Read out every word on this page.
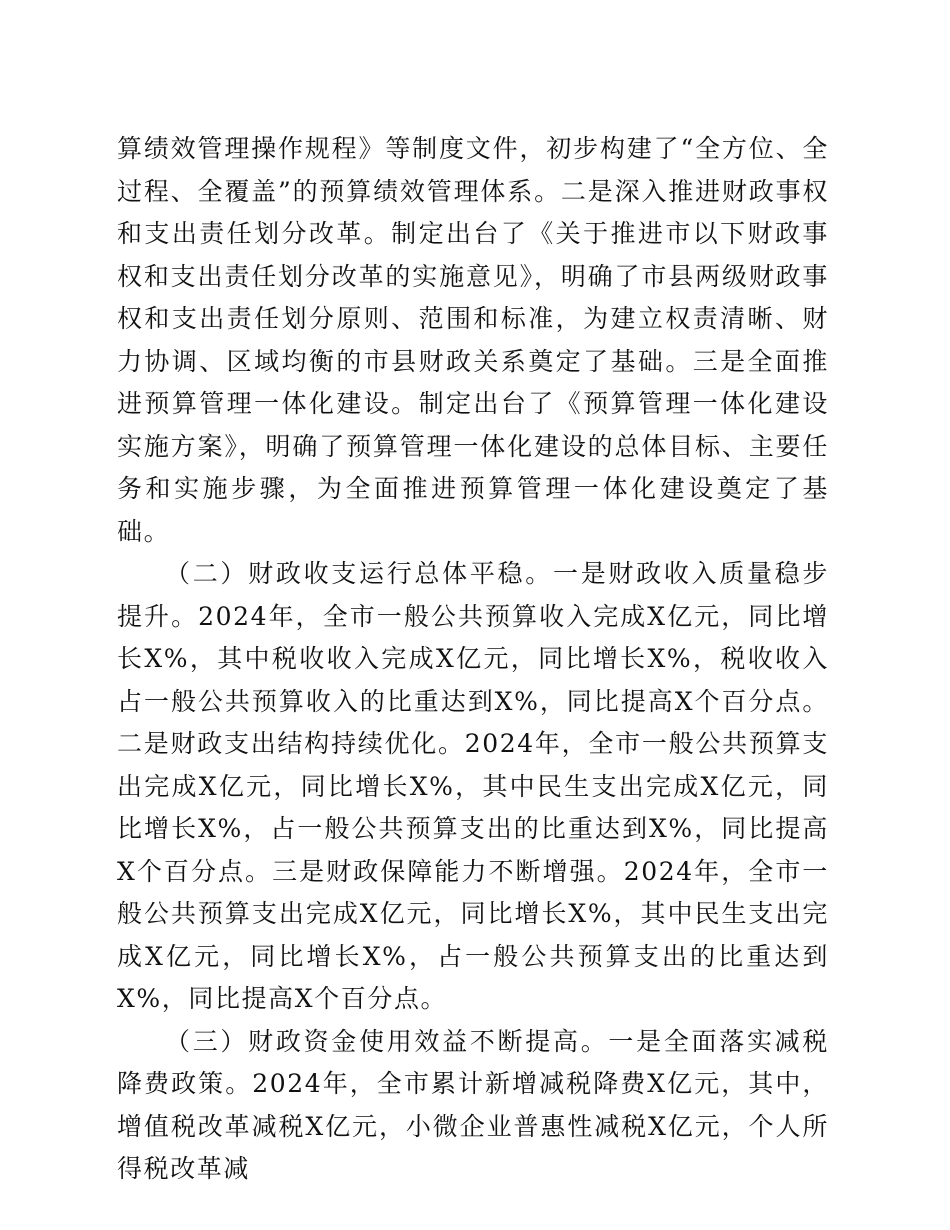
算绩效管理操作规程》等制度文件，初步构建了“全方位、全过程、全覆盖”的预算绩效管理体系。二是深入推进财政事权和支出责任划分改革。制定出台了《关于推进市以下财政事权和支出责任划分改革的实施意见》，明确了市县两级财政事权和支出责任划分原则、范围和标准，为建立权责清晰、财力协调、区域均衡的市县财政关系奠定了基础。三是全面推进预算管理一体化建设。制定出台了《预算管理一体化建设实施方案》，明确了预算管理一体化建设的总体目标、主要任务和实施步骤，为全面推进预算管理一体化建设奠定了基础。

（二）财政收支运行总体平稳。一是财政收入质量稳步提升。2024年，全市一般公共预算收入完成X亿元，同比增长X%，其中税收收入完成X亿元，同比增长X%，税收收入占一般公共预算收入的比重达到X%，同比提高X个百分点。二是财政支出结构持续优化。2024年，全市一般公共预算支出完成X亿元，同比增长X%，其中民生支出完成X亿元，同比增长X%，占一般公共预算支出的比重达到X%，同比提高X个百分点。三是财政保障能力不断增强。2024年，全市一般公共预算支出完成X亿元，同比增长X%，其中民生支出完成X亿元，同比增长X%，占一般公共预算支出的比重达到X%，同比提高X个百分点。

（三）财政资金使用效益不断提高。一是全面落实减税降费政策。2024年，全市累计新增减税降费X亿元，其中，增值税改革减税X亿元，小微企业普惠性减税X亿元，个人所得税改革减
